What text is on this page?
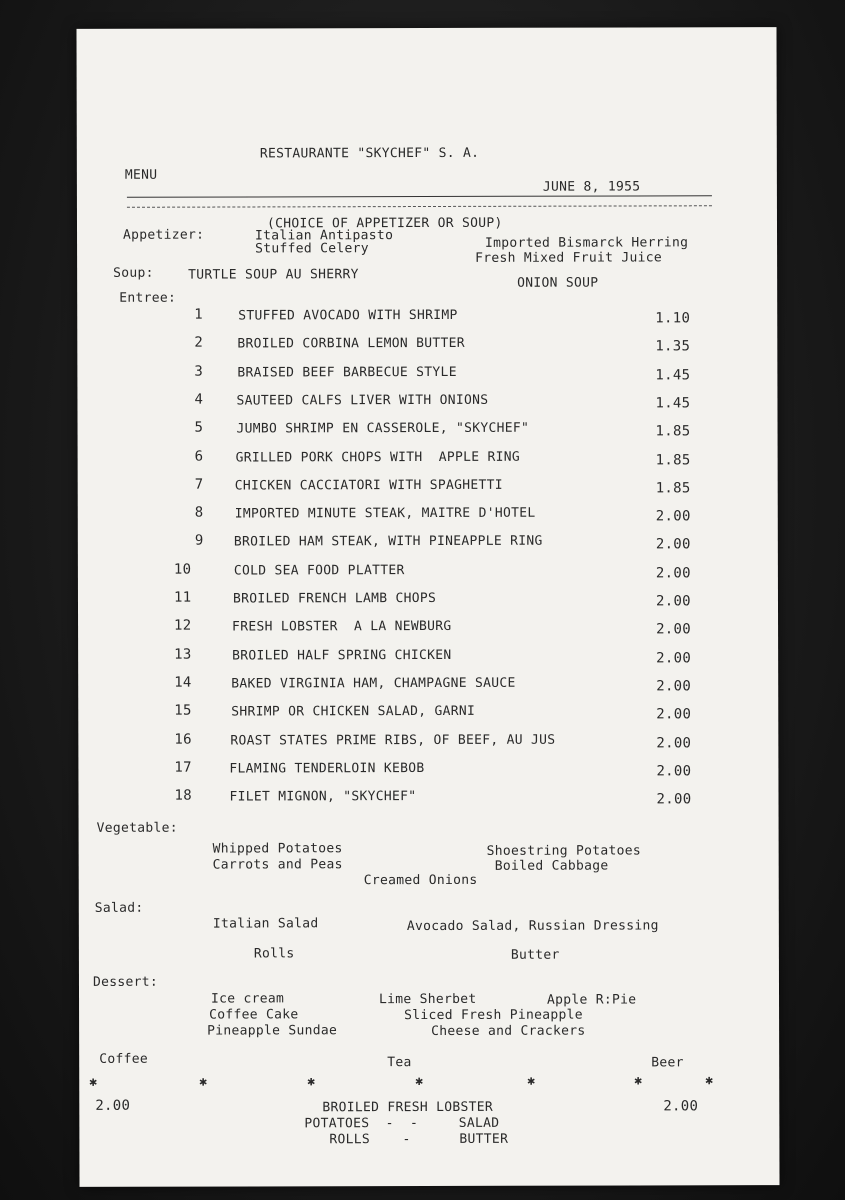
RESTAURANTE "SKYCHEF" S. A.
MENU
JUNE 8, 1955
(CHOICE OF APPETIZER OR SOUP)
Appetizer:	Italian Antipasto
Stuffed Celery	Imported Bismarck Herring
Fresh Mixed Fruit Juice
Soup:	TURTLE SOUP AU SHERRY
ONION SOUP
Entree:
1	STUFFED AVOCADO WITH SHRIMP	1.10
2	BROILED CORBINA LEMON BUTTER	1.35
3	BRAISED BEEF BARBECUE STYLE	1.45
4	SAUTEED CALFS LIVER WITH ONIONS	1.45
5	JUMBO SHRIMP EN CASSEROLE, "SKYCHEF"	1.85
6 GRILLED PORK CHOPS WITH  APPLE RING	1.85
7 CHICKEN CACCIATORI WITH SPAGHETTI	1.85
8 IMPORTED MINUTE STEAK, MAITRE D'HOTEL	2.00
9 BROILED HAM STEAK, WITH PINEAPPLE RING	2.00
10	COLD SEA FOOD PLATTER	2.00
11	BROILED FRENCH LAMB CHOPS	2.00
12	FRESH LOBSTER  A LA NEWBURG	2.00
13	BROILED HALF SPRING CHICKEN	2.00
14	BAKED VIRGINIA HAM, CHAMPAGNE SAUCE	2.00
15	SHRIMP OR CHICKEN SALAD, GARNI	2.00
16	ROAST STATES PRIME RIBS, OF BEEF, AU JUS	2.00
17	FLAMING TENDERLOIN KEBOB	2.00
18	FILET MIGNON, "SKYCHEF"	2.00
Vegetable:
Whipped Potatoes
Carrots and Peas
Creamed Onions
Shoestring Potatoes
Boiled Cabbage
Salad:
Italian Salad	Avocado Salad, Russian Dressing
Rolls	Butter
Dessert:
Ice cream
Coffee Cake
Pineapple Sundae
Lime Sherbet
Sliced Fresh Pineapple
Cheese and Crackers
Apple R:Pie
Coffee	Tea	Beer
✱	✱	✱	✱	✱	✱	✱
2.00	2.00
BROILED FRESH LOBSTER
POTATOES  -  -     SALAD
ROLLS    -      BUTTER
